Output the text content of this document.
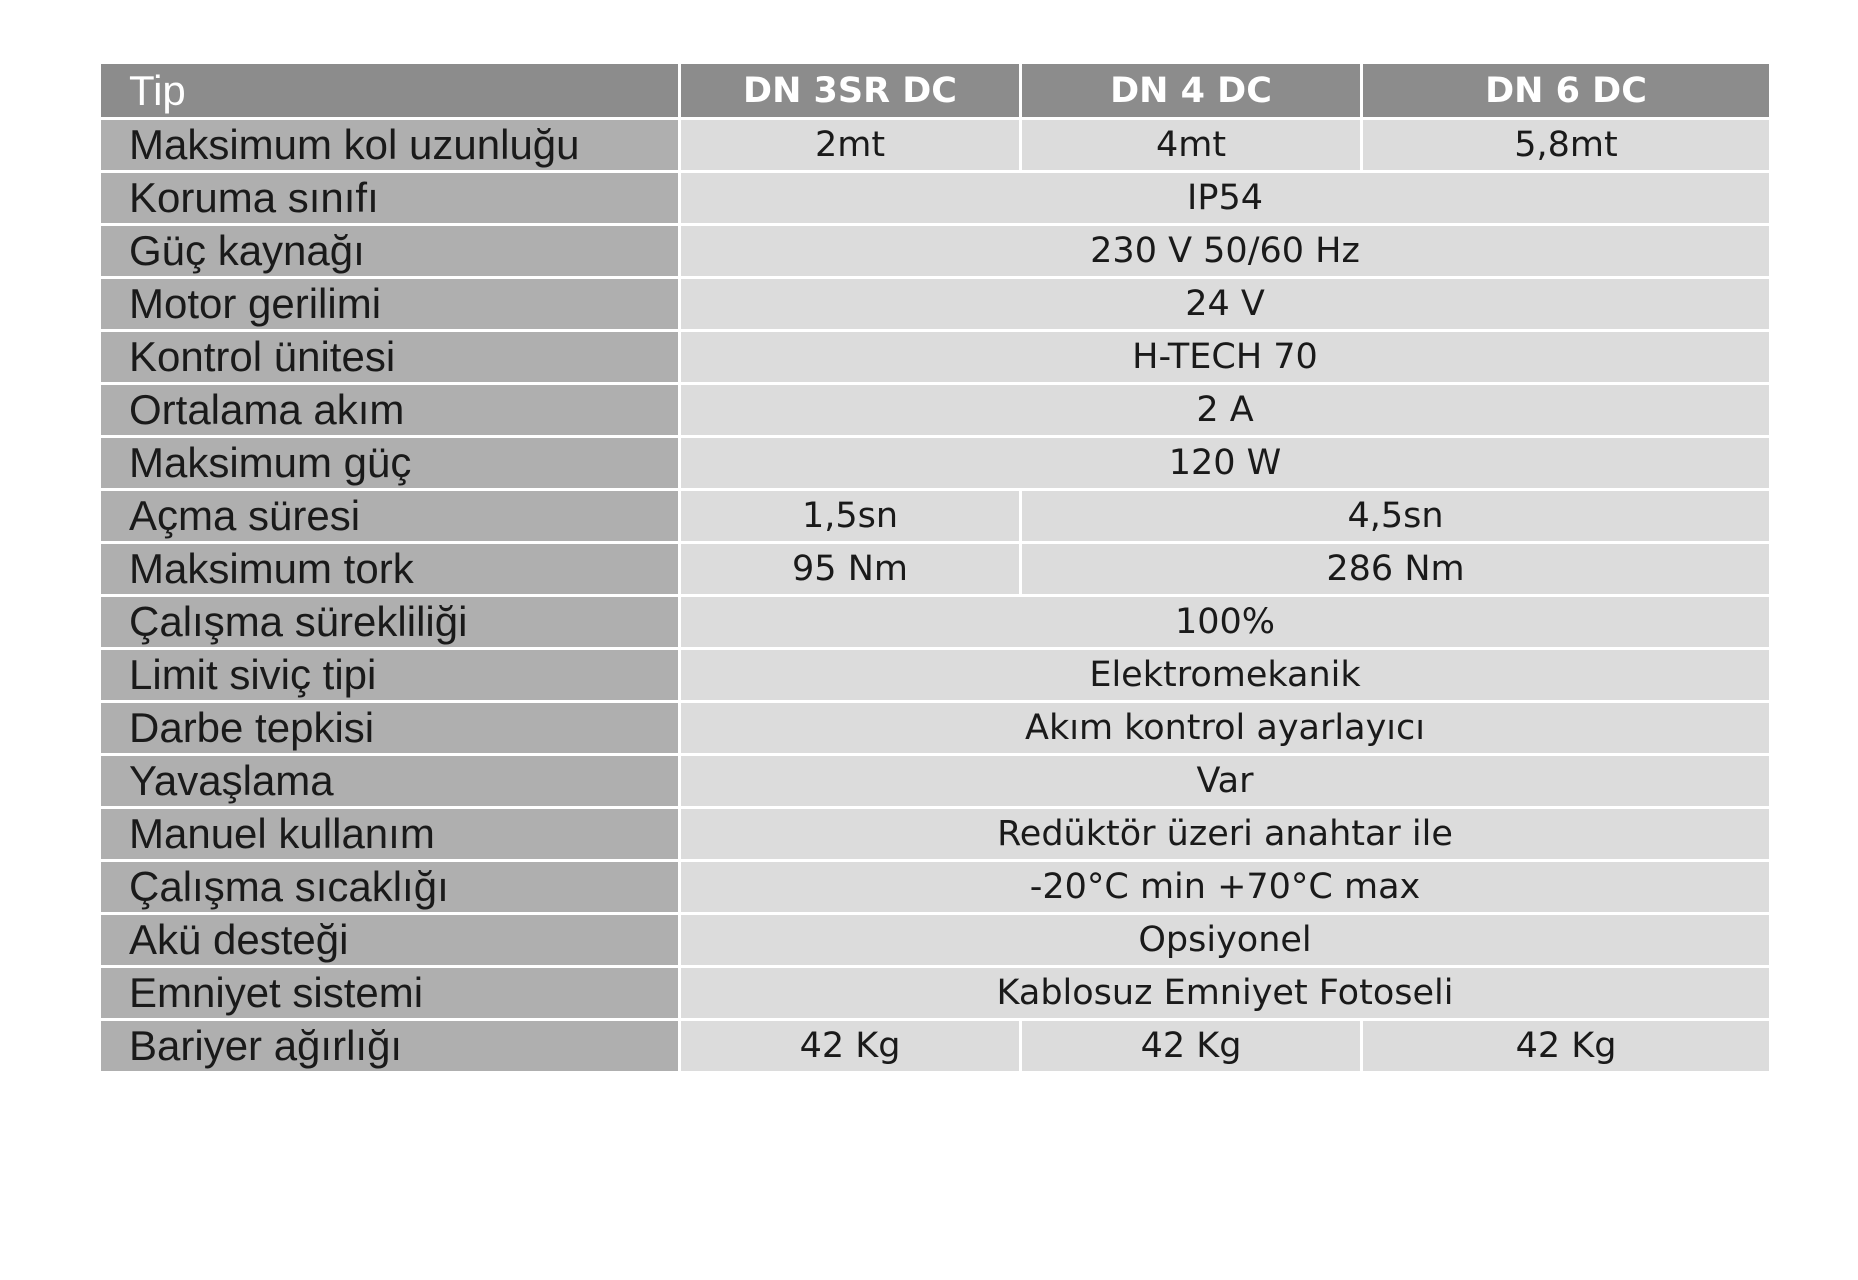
Tip	DN 3SR DC	DN 4 DC	DN 6 DC
Maksimum kol uzunluğu	2mt	4mt	5,8mt
Koruma sınıfı	IP54		
Güç kaynağı	230 V 50/60 Hz		
Motor gerilimi	24 V		
Kontrol ünitesi	H-TECH 70		
Ortalama akım	2 A		
Maksimum güç	120 W		
Açma süresi	1,5sn	4,5sn	
Maksimum tork	95 Nm	286 Nm	
Çalışma sürekliliği	100%		
Limit siviç tipi	Elektromekanik		
Darbe tepkisi	Akım kontrol ayarlayıcı		
Yavaşlama	Var		
Manuel kullanım	Redüktör üzeri anahtar ile		
Çalışma sıcaklığı	-20°C min +70°C max		
Akü desteği	Opsiyonel		
Emniyet sistemi	Kablosuz Emniyet Fotoseli		
Bariyer ağırlığı	42 Kg	42 Kg	42 Kg
